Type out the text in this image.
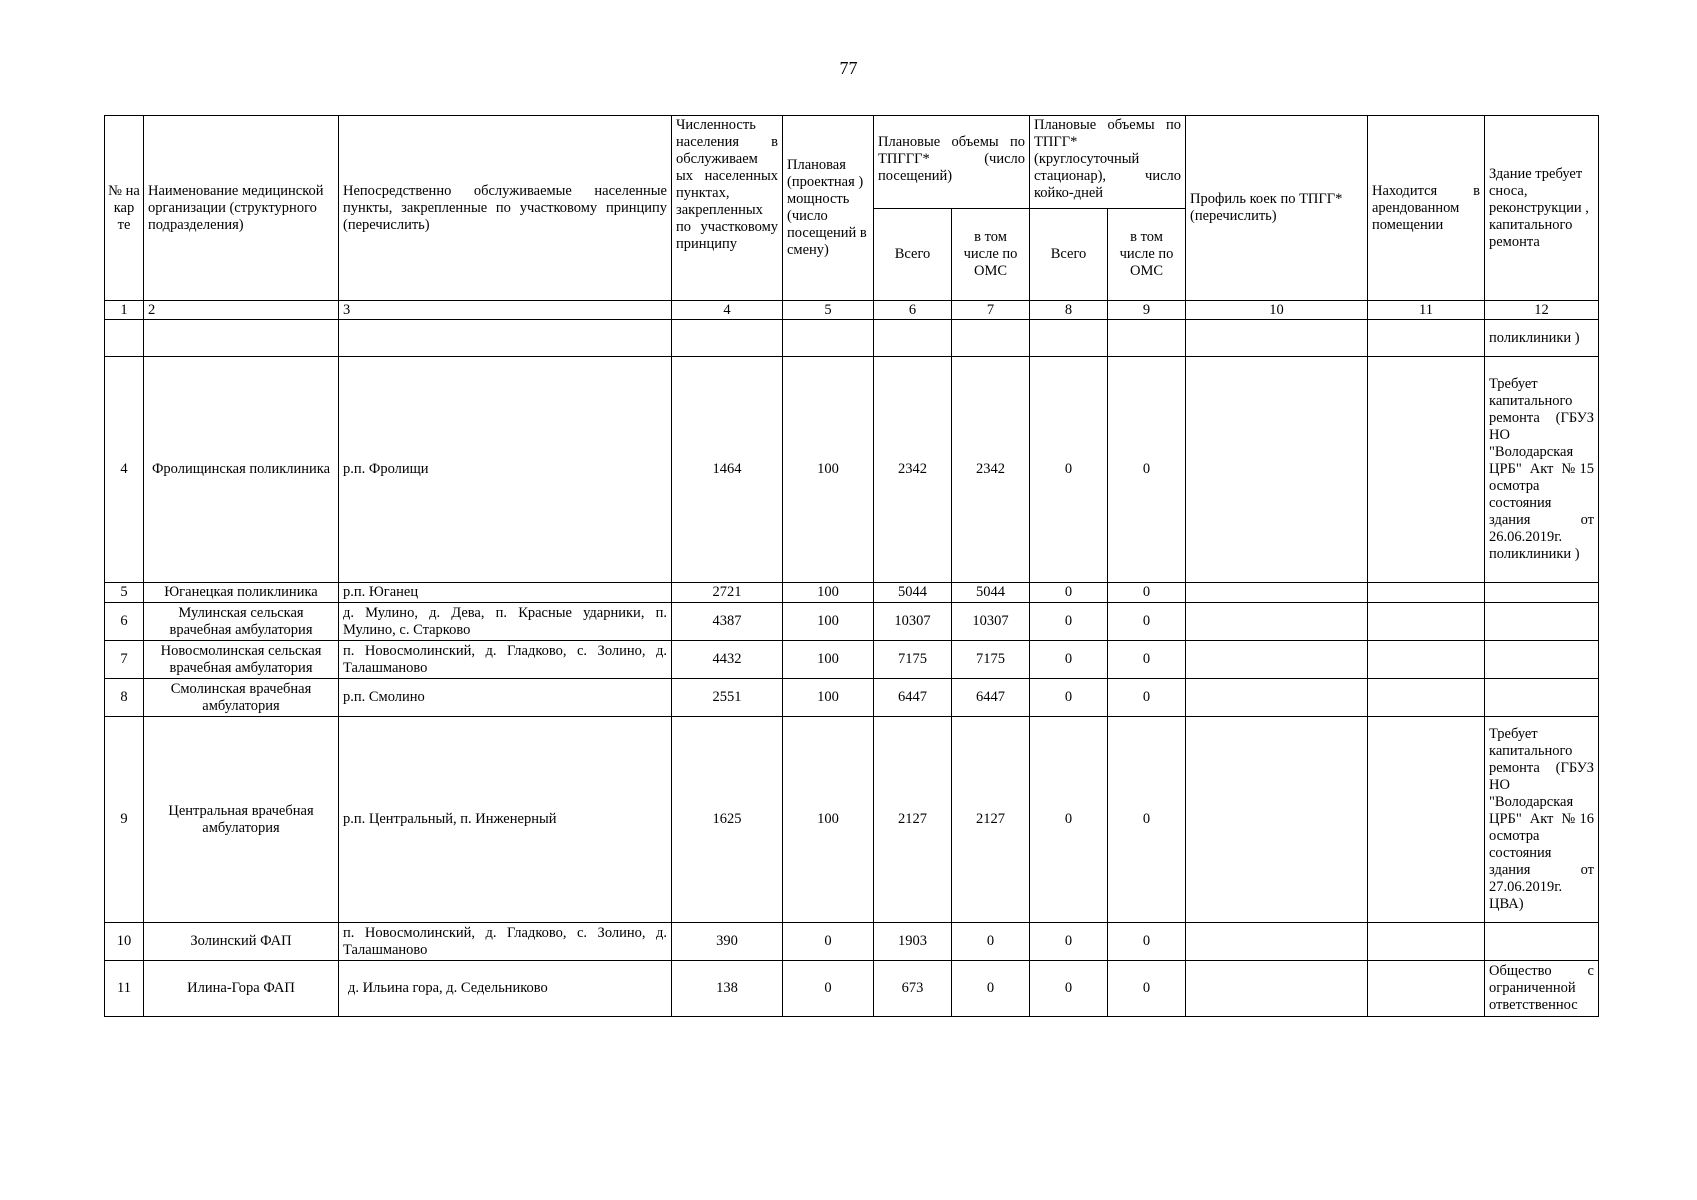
77
№ на кар те	Наименование медицинской организации (структурного подразделения)	Непосредственно обслуживаемые населенные пункты, закрепленные по участковому принципу (перечислить)	Численность населения в обслуживаем ых населенных пунктах, закрепленных по участковому принципу	Плановая (проектная ) мощность (число посещений в смену)	Плановые объемы по ТПГГГ* (число посещений)		Плановые объемы по ТПГГ* (круглосуточный стационар), число койко-дней		Профиль коек по ТПГГ* (перечислить)	Находится в арендованном помещении	Здание требует сноса, реконструкции , капитального ремонта
					Всего	в том числе по ОМС	Всего	в том числе по ОМС			
1	2	3	4	5	6	7	8	9	10	11	12
											поликлиники )
4	Фролищинская поликлиника	р.п. Фролищи	1464	100	2342	2342	0	0			Требует капитального ремонта (ГБУЗ НО "Володарская ЦРБ" Акт №15 осмотра состояния здания от 26.06.2019г. поликлиники )
5	Юганецкая поликлиника	р.п. Юганец	2721	100	5044	5044	0	0			
6	Мулинская сельская врачебная амбулатория	д. Мулино, д. Дева, п. Красные ударники, п. Мулино, с. Старково	4387	100	10307	10307	0	0			
7	Новосмолинская сельская врачебная амбулатория	п. Новосмолинский, д. Гладково, с. Золино, д. Талашманово	4432	100	7175	7175	0	0			
8	Смолинская врачебная амбулатория	р.п. Смолино	2551	100	6447	6447	0	0			
9	Центральная врачебная амбулатория	р.п. Центральный, п. Инженерный	1625	100	2127	2127	0	0			Требует капитального ремонта (ГБУЗ НО "Володарская ЦРБ" Акт №16 осмотра состояния здания от 27.06.2019г. ЦВА)
10	Золинский ФАП	п. Новосмолинский, д. Гладково, с. Золино, д. Талашманово	390	0	1903	0	0	0			
11	Илина-Гора ФАП	д. Ильина гора, д. Седельниково	138	0	673	0	0	0			Общество с ограниченной ответственнос
